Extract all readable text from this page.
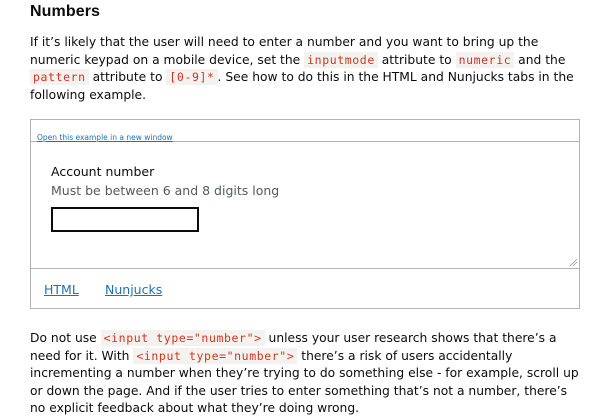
Numbers

If it’s likely that the user will need to enter a number and you want to bring up the numeric keypad on a mobile device, set the inputmode attribute to numeric and the pattern attribute to [0-9]* . See how to do this in the HTML and Nunjucks tabs in the following example.

Open this example in a new window
Account number
Must be between 6 and 8 digits long
HTML Nunjucks

Do not use <input type="number"> unless your user research shows that there’s a need for it. With <input type="number"> there’s a risk of users accidentally incrementing a number when they’re trying to do something else - for example, scroll up or down the page. And if the user tries to enter something that’s not a number, there’s no explicit feedback about what they’re doing wrong.
